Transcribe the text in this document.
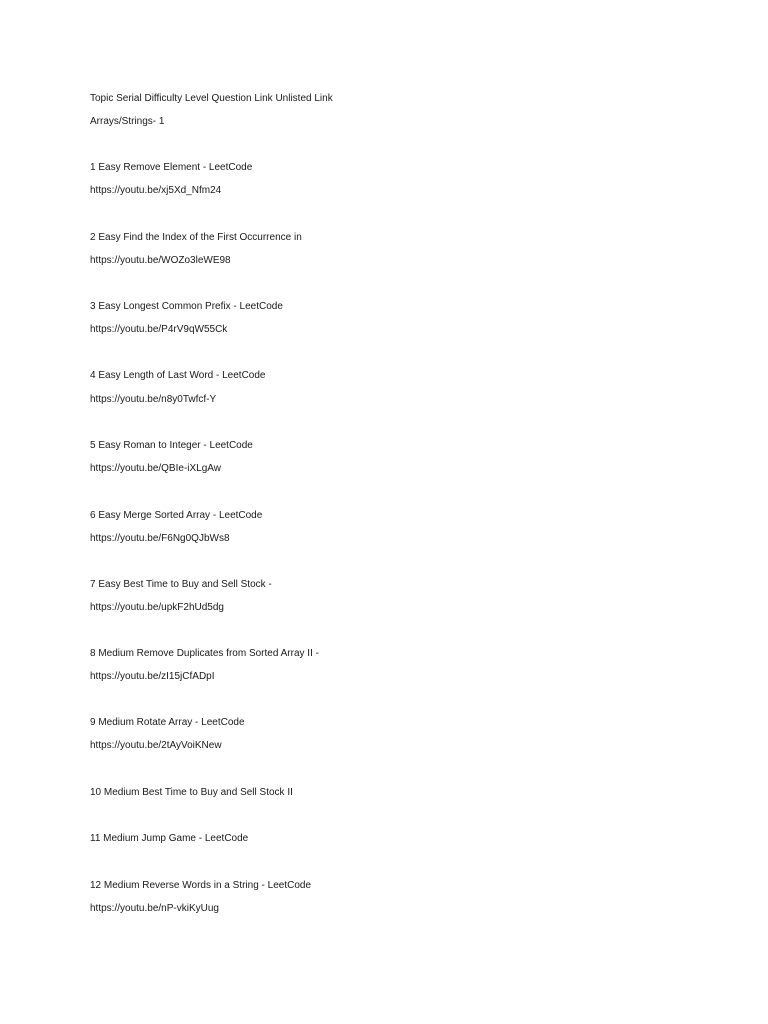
Topic Serial Difficulty Level Question Link Unlisted Link
Arrays/Strings- 1
1 Easy Remove Element - LeetCode
https://youtu.be/xj5Xd_Nfm24
2 Easy Find the Index of the First Occurrence in
https://youtu.be/WOZo3leWE98
3 Easy Longest Common Prefix - LeetCode
https://youtu.be/P4rV9qW55Ck
4 Easy Length of Last Word - LeetCode
https://youtu.be/n8y0Twfcf-Y
5 Easy Roman to Integer - LeetCode
https://youtu.be/QBIe-iXLgAw
6 Easy Merge Sorted Array - LeetCode
https://youtu.be/F6Ng0QJbWs8
7 Easy Best Time to Buy and Sell Stock -
https://youtu.be/upkF2hUd5dg
8 Medium Remove Duplicates from Sorted Array II -
https://youtu.be/zI15jCfADpI
9 Medium Rotate Array - LeetCode
https://youtu.be/2tAyVoiKNew
10 Medium Best Time to Buy and Sell Stock II
11 Medium Jump Game - LeetCode
12 Medium Reverse Words in a String - LeetCode
https://youtu.be/nP-vkiKyUug
